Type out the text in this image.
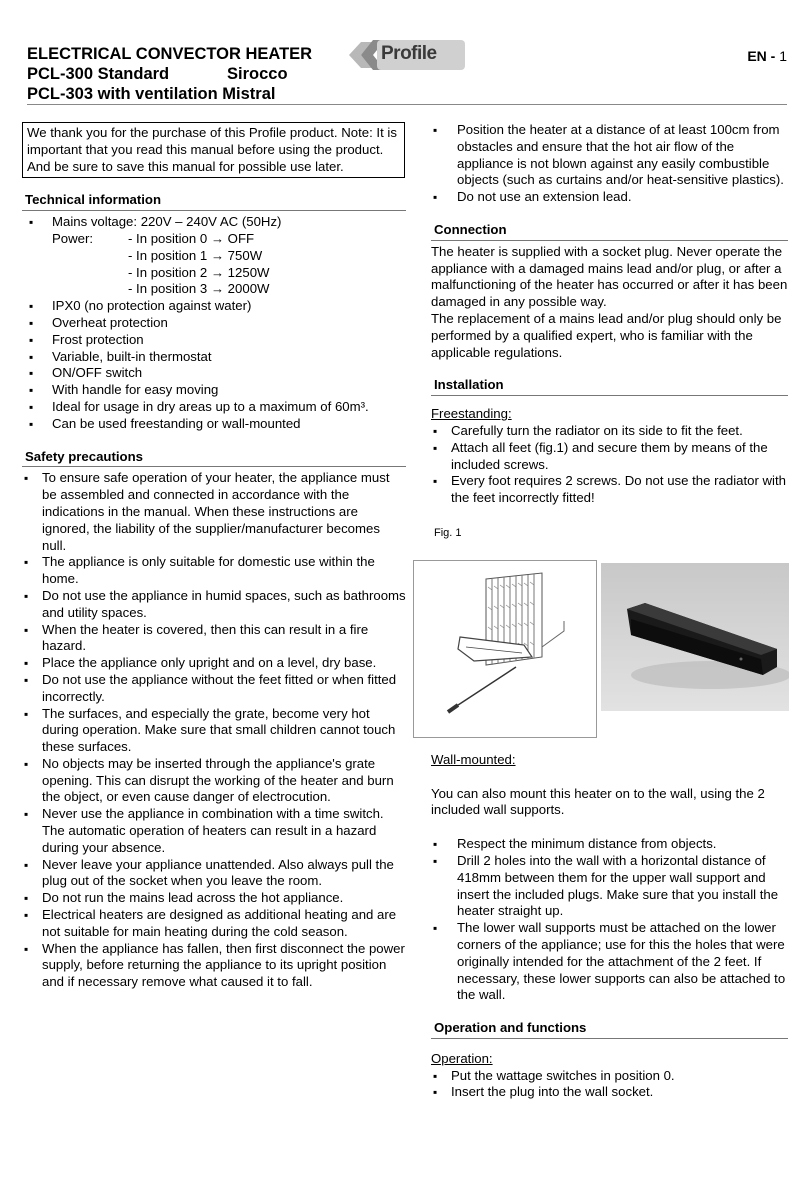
ELECTRICAL CONVECTOR HEATER
PCL-300 Standard	Sirocco
PCL-303 with ventilation Mistral
Profile	EN - 1
We thank you for the purchase of this Profile product. Note: It is important that you read this manual before using the product. And be sure to save this manual for possible use later.
Technical information
▪ Mains voltage: 220V – 240V AC (50Hz)
Power:	- In position 0 → OFF
- In position 1 → 750W
- In position 2 → 1250W
- In position 3 → 2000W
▪ IPX0 (no protection against water)
▪ Overheat protection
▪ Frost protection
▪ Variable, built-in thermostat
▪ ON/OFF switch
▪ With handle for easy moving
▪ Ideal for usage in dry areas up to a maximum of 60m³.
▪ Can be used freestanding or wall-mounted
Safety precautions
▪ To ensure safe operation of your heater, the appliance must be assembled and connected in accordance with the indications in the manual. When these instructions are ignored, the liability of the supplier/manufacturer becomes null.
▪ The appliance is only suitable for domestic use within the home.
▪ Do not use the appliance in humid spaces, such as bathrooms and utility spaces.
▪ When the heater is covered, then this can result in a fire hazard.
▪ Place the appliance only upright and on a level, dry base.
▪ Do not use the appliance without the feet fitted or when fitted incorrectly.
▪ The surfaces, and especially the grate, become very hot during operation. Make sure that small children cannot touch these surfaces.
▪ No objects may be inserted through the appliance's grate opening. This can disrupt the working of the heater and burn the object, or even cause danger of electrocution.
▪ Never use the appliance in combination with a time switch. The automatic operation of heaters can result in a hazard during your absence.
▪ Never leave your appliance unattended. Also always pull the plug out of the socket when you leave the room.
▪ Do not run the mains lead across the hot appliance.
▪ Electrical heaters are designed as additional heating and are not suitable for main heating during the cold season.
▪ When the appliance has fallen, then first disconnect the power supply, before returning the appliance to its upright position and if necessary remove what caused it to fall.
▪ Position the heater at a distance of at least 100cm from obstacles and ensure that the hot air flow of the appliance is not blown against any easily combustible objects (such as curtains and/or heat-sensitive plastics).
▪ Do not use an extension lead.
Connection

The heater is supplied with a socket plug. Never operate the appliance with a damaged mains lead and/or plug, or after a malfunctioning of the heater has occurred or after it has been damaged in any possible way.

The replacement of a mains lead and/or plug should only be performed by a qualified expert, who is familiar with the applicable regulations.

Installation
Freestanding:
▪ Carefully turn the radiator on its side to fit the feet.
▪ Attach all feet (fig.1) and secure them by means of the included screws.
▪ Every foot requires 2 screws. Do not use the radiator with the feet incorrectly fitted!
Fig. 1
Wall-mounted:

You can also mount this heater on to the wall, using the 2 included wall supports.

▪ Respect the minimum distance from objects.
▪ Drill 2 holes into the wall with a horizontal distance of 418mm between them for the upper wall support and insert the included plugs. Make sure that you install the heater straight up.
▪ The lower wall supports must be attached on the lower corners of the appliance; use for this the holes that were originally intended for the attachment of the 2 feet. If necessary, these lower supports can also be attached to the wall.
Operation and functions
Operation:
▪ Put the wattage switches in position 0.
▪ Insert the plug into the wall socket.
